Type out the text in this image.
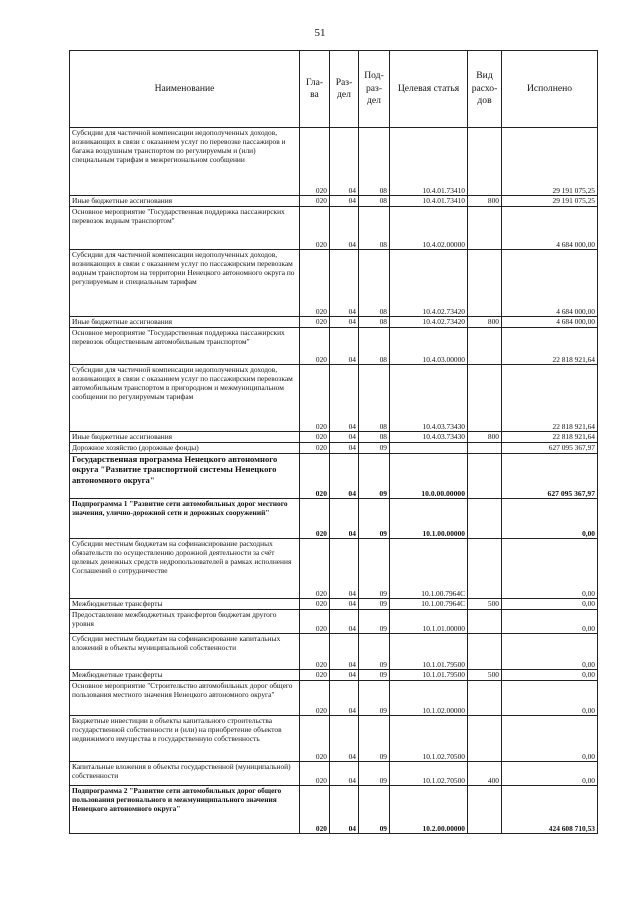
51
Наименование	Гла-ва	Раз-дел	Под-раз-дел	Целевая статья	Вид расхо-дов	Исполнено
Субсидии для частичной компенсации недополученных доходов, возникающих в связи с оказанием услуг по перевозке пассажиров и багажа воздушным транспортом по регулируемым и (или) специальным тарифам в межрегиональном сообщении	020	04	08	10.4.01.73410		29 191 075,25
Иные бюджетные ассигнования	020	04	08	10.4.01.73410	800	29 191 075,25
Основное мероприятие "Государственная поддержка пассажирских перевозок водным транспортом"	020	04	08	10.4.02.00000		4 684 000,00
Субсидии для частичной компенсации недополученных доходов, возникающих в связи с оказанием услуг по пассажирским перевозкам водным транспортом на территории Ненецкого автономного округа по регулируемым и специальным тарифам	020	04	08	10.4.02.73420		4 684 000,00
Иные бюджетные ассигнования	020	04	08	10.4.02.73420	800	4 684 000,00
Основное мероприятие "Государственная поддержка пассажирских перевозок общественным автомобильным транспортом"	020	04	08	10.4.03.00000		22 818 921,64
Субсидии для частичной компенсации недополученных доходов, возникающих в связи с оказанием услуг по пассажирским перевозкам автомобильным транспортом в пригородном и межмуниципальном сообщении по регулируемым тарифам	020	04	08	10.4.03.73430		22 818 921,64
Иные бюджетные ассигнования	020	04	08	10.4.03.73430	800	22 818 921,64
Дорожное хозяйство (дорожные фонды)	020	04	09			627 095 367,97
Государственная программа Ненецкого автономного округа "Развитие транспортной системы Ненецкого автономного округа"	020	04	09	10.0.00.00000		627 095 367,97
Подпрограмма 1 "Развитие сети автомобильных дорог местного значения, улично-дорожной сети и дорожных сооружений"	020	04	09	10.1.00.00000		0,00
Субсидии местным бюджетам на софинансирование расходных обязательств по осуществлению дорожной деятельности за счёт целевых денежных средств недропользователей в рамках исполнения Соглашений о сотрудничестве	020	04	09	10.1.00.7964C		0,00
Межбюджетные трансферты	020	04	09	10.1.00.7964C	500	0,00
Предоставление межбюджетных трансфертов бюджетам другого уровня	020	04	09	10.1.01.00000		0,00
Субсидии местным бюджетам на софинансирование капитальных вложений в объекты муниципальной собственности	020	04	09	10.1.01.79500		0,00
Межбюджетные трансферты	020	04	09	10.1.01.79500	500	0,00
Основное мероприятие "Строительство автомобильных дорог общего пользования местного значения Ненецкого автономного округа"	020	04	09	10.1.02.00000		0,00
Бюджетные инвестиции в объекты капитального строительства государственной собственности и (или) на приобретение объектов недвижимого имущества в государственную собственность	020	04	09	10.1.02.70500		0,00
Капитальные вложения в объекты государственной (муниципальной) собственности	020	04	09	10.1.02.70500	400	0,00
Подпрограмма 2 "Развитие сети автомобильных дорог общего пользования регионального и межмуниципального значения Ненецкого автономного округа"	020	04	09	10.2.00.00000		424 608 710,53
